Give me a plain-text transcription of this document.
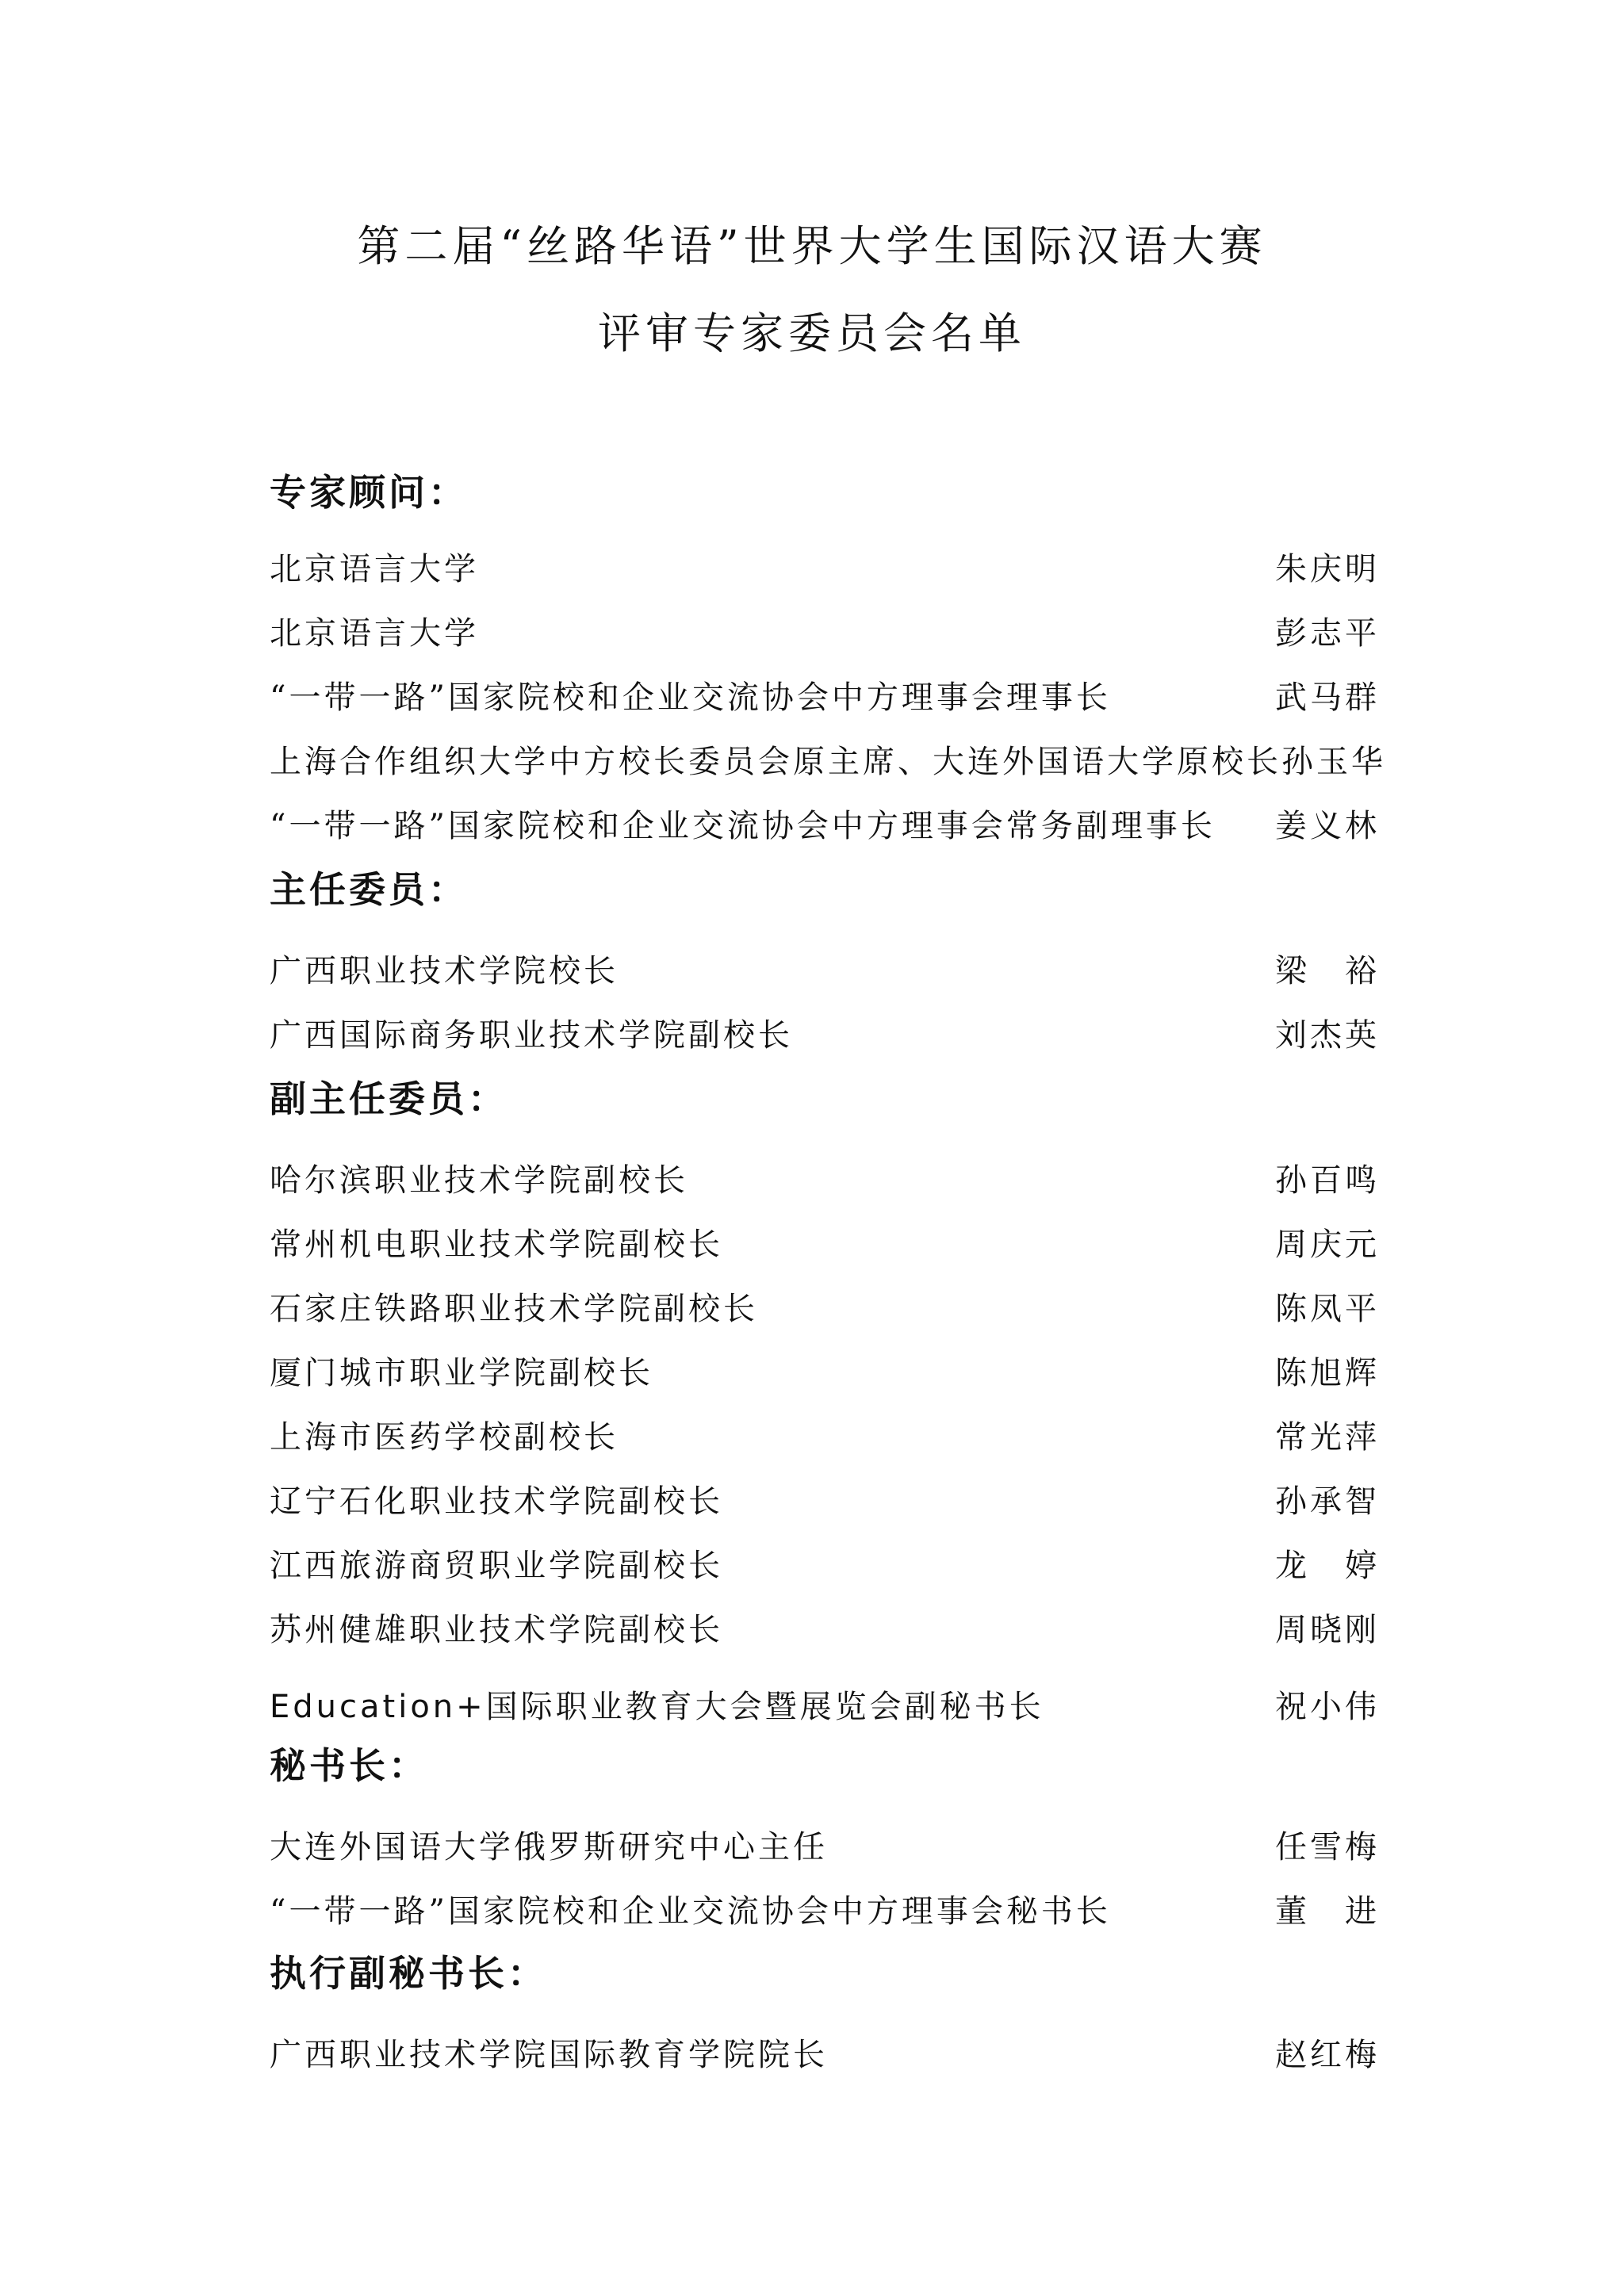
第二届“丝路华语”世界大学生国际汉语大赛
评审专家委员会名单
专家顾问：
北京语言大学	朱庆明
北京语言大学	彭志平
“一带一路”国家院校和企业交流协会中方理事会理事长	武马群
上海合作组织大学中方校长委员会原主席、大连外国语大学原校长 孙玉华
“一带一路”国家院校和企业交流协会中方理事会常务副理事长	姜义林
主任委员：
广西职业技术学院校长	梁　裕
广西国际商务职业技术学院副校长	刘杰英
副主任委员：
哈尔滨职业技术学院副校长	孙百鸣
常州机电职业技术学院副校长	周庆元
石家庄铁路职业技术学院副校长	陈凤平
厦门城市职业学院副校长	陈旭辉
上海市医药学校副校长	常光萍
辽宁石化职业技术学院副校长	孙承智
江西旅游商贸职业学院副校长	龙　婷
苏州健雄职业技术学院副校长	周晓刚
Education+国际职业教育大会暨展览会副秘书长	祝小伟
秘书长：
大连外国语大学俄罗斯研究中心主任	任雪梅
“一带一路”国家院校和企业交流协会中方理事会秘书长	董　进
执行副秘书长：
广西职业技术学院国际教育学院院长	赵红梅
